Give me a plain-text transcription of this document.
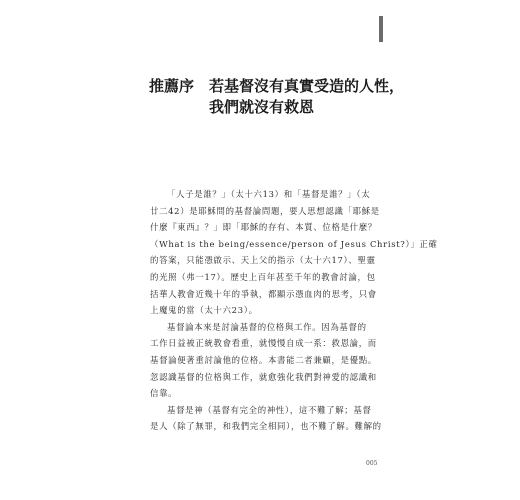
推薦序 若基督沒有真實受造的人性，
我們就沒有救恩

「人子是誰？」（太十六13）和「基督是誰？」（太
廿二42）是耶穌問的基督論問題，要人思想認識「耶穌是
什麼『東西』？」即「耶穌的存有、本質、位格是什麼？
（What is the being/essence/person of Jesus Christ?）」正確
的答案，只能憑啟示、天上父的指示（太十六17）、聖靈
的光照（弗一17）。歷史上百年甚至千年的教會討論，包
括華人教會近幾十年的爭執，都顯示憑血肉的思考，只會
上魔鬼的當（太十六23）。

基督論本來是討論基督的位格與工作。因為基督的
工作日益被正統教會看重，就慢慢自成一系：救恩論，而
基督論便著重討論他的位格。本書能二者兼顧，是優點。
忽認識基督的位格與工作，就愈強化我們對神愛的認識和
信靠。

基督是神（基督有完全的神性），這不難了解；基督
是人（除了無罪，和我們完全相同），也不難了解。難解的

005
